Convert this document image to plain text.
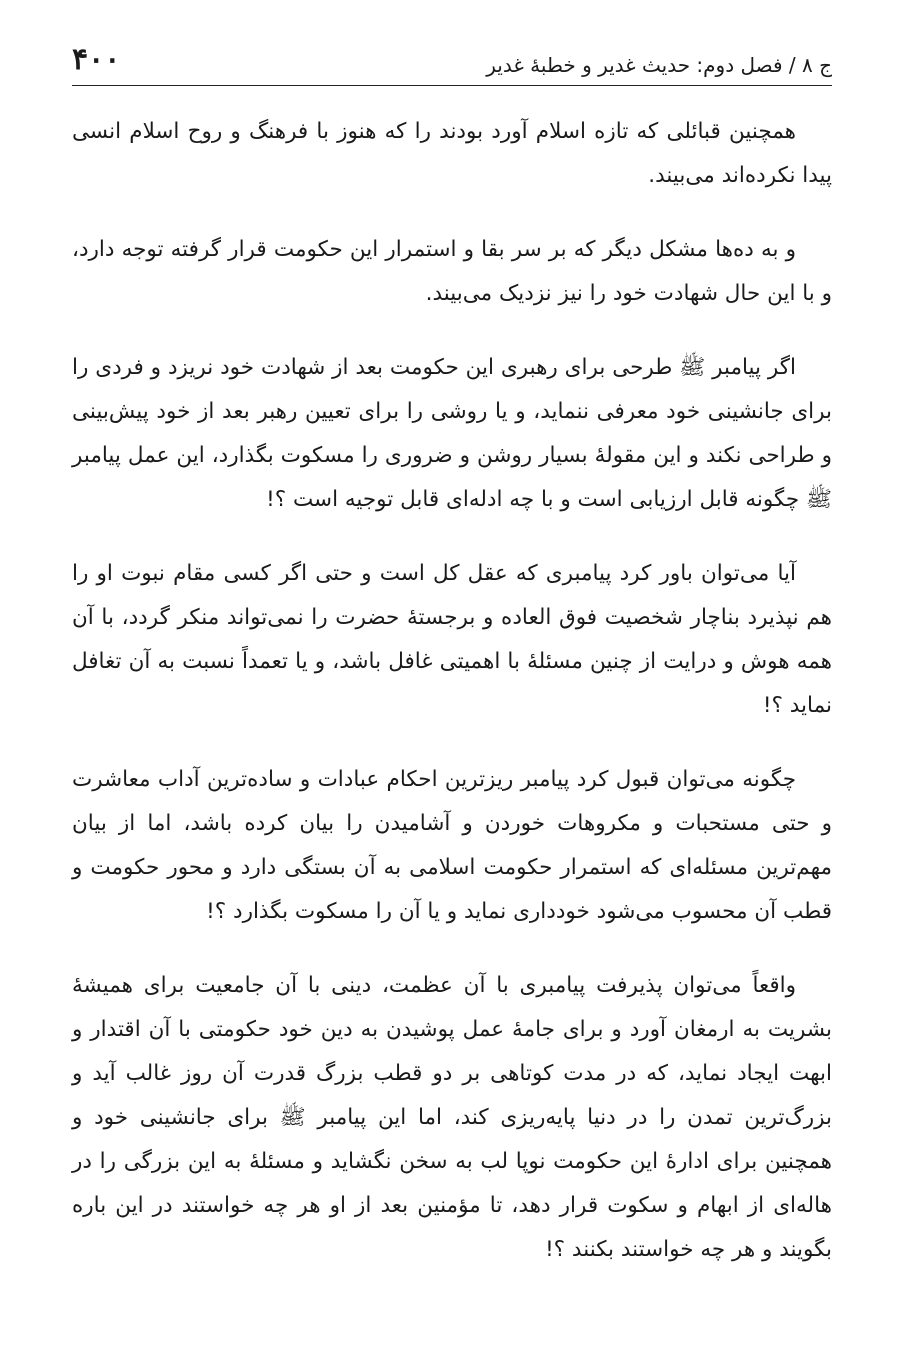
ج ۸ / فصل دوم: حدیث غدیر و خطبهٔ غدیر
۴۰۰

همچنین قبائلی که تازه اسلام آورد بودند را که هنوز با فرهنگ و روح اسلام انسی پیدا نکرده‌اند می‌بیند.

و به ده‌ها مشکل دیگر که بر سر بقا و استمرار این حکومت قرار گرفته توجه دارد، و با این حال شهادت خود را نیز نزدیک می‌بیند.

اگر پیامبر ﷺ طرحی برای رهبری این حکومت بعد از شهادت خود نریزد و فردی را برای جانشینی خود معرفی ننماید، و یا روشی را برای تعیین رهبر بعد از خود پیش‌بینی و طراحی نکند و این مقولهٔ بسیار روشن و ضروری را مسکوت بگذارد، این عمل پیامبر ﷺ چگونه قابل ارزیابی است و با چه ادله‌ای قابل توجیه است ؟!

آیا می‌توان باور کرد پیامبری که عقل کل است و حتی اگر کسی مقام نبوت او را هم نپذیرد بناچار شخصیت فوق العاده و برجستهٔ حضرت را نمی‌تواند منکر گردد، با آن همه هوش و درایت از چنین مسئلهٔ با اهمیتی غافل باشد، و یا تعمداً نسبت به آن تغافل نماید ؟!

چگونه می‌توان قبول کرد پیامبر ریزترین احکام عبادات و ساده‌ترین آداب معاشرت و حتی مستحبات و مکروهات خوردن و آشامیدن را بیان کرده باشد، اما از بیان مهم‌ترین مسئله‌ای که استمرار حکومت اسلامی به آن بستگی دارد و محور حکومت و قطب آن محسوب می‌شود خودداری نماید و یا آن را مسکوت بگذارد ؟!

واقعاً می‌توان پذیرفت پیامبری با آن عظمت، دینی با آن جامعیت برای همیشهٔ بشریت به ارمغان آورد و برای جامهٔ عمل پوشیدن به دین خود حکومتی با آن اقتدار و ابهت ایجاد نماید، که در مدت کوتاهی بر دو قطب بزرگ قدرت آن روز غالب آید و بزرگ‌ترین تمدن را در دنیا پایه‌ریزی کند، اما این پیامبر ﷺ برای جانشینی خود و همچنین برای ادارهٔ این حکومت نوپا لب به سخن نگشاید و مسئلهٔ به این بزرگی را در هاله‌ای از ابهام و سکوت قرار دهد، تا مؤمنین بعد از او هر چه خواستند در این باره بگویند و هر چه خواستند بکنند ؟!
